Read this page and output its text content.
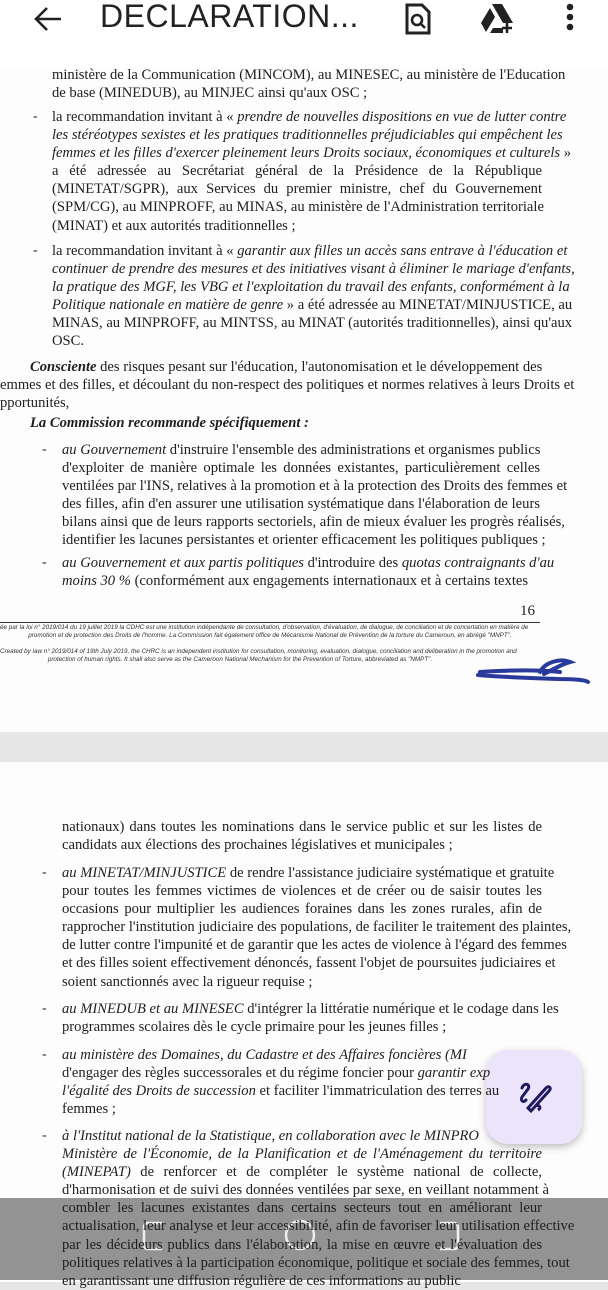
DECLARATION...
ministère de la Communication (MINCOM), au MINESEC, au ministère de l'Education
de base (MINEDUB), au MINJEC ainsi qu'aux OSC ;
- la recommandation invitant à « prendre de nouvelles dispositions en vue de lutter contre
les stéréotypes sexistes et les pratiques traditionnelles préjudiciables qui empêchent les
femmes et les filles d'exercer pleinement leurs Droits sociaux, économiques et culturels »
a été adressée au Secrétariat général de la Présidence de la République
(MINETAT/SGPR), aux Services du premier ministre, chef du Gouvernement
(SPM/CG), au MINPROFF, au MINAS, au ministère de l'Administration territoriale
(MINAT) et aux autorités traditionnelles ;
- la recommandation invitant à « garantir aux filles un accès sans entrave à l'éducation et
continuer de prendre des mesures et des initiatives visant à éliminer le mariage d'enfants,
la pratique des MGF, les VBG et l'exploitation du travail des enfants, conformément à la
Politique nationale en matière de genre » a été adressée au MINETAT/MINJUSTICE, au
MINAS, au MINPROFF, au MINTSS, au MINAT (autorités traditionnelles), ainsi qu'aux
OSC.
Consciente des risques pesant sur l'éducation, l'autonomisation et le développement des
emmes et des filles, et découlant du non-respect des politiques et normes relatives à leurs Droits et
pportunités,
La Commission recommande spécifiquement :
- au Gouvernement d'instruire l'ensemble des administrations et organismes publics
d'exploiter de manière optimale les données existantes, particulièrement celles
ventilées par l'INS, relatives à la promotion et à la protection des Droits des femmes et
des filles, afin d'en assurer une utilisation systématique dans l'élaboration de leurs
bilans ainsi que de leurs rapports sectoriels, afin de mieux évaluer les progrès réalisés,
identifier les lacunes persistantes et orienter efficacement les politiques publiques ;
- au Gouvernement et aux partis politiques d'introduire des quotas contraignants d'au
moins 30 % (conformément aux engagements internationaux et à certains textes
16
ée par la loi n° 2019/014 du 19 juillet 2019 la CDHC est une institution indépendante de consultation, d'observation, d'évaluation, de dialogue, de conciliation et de concertation en matière de
promotion et de protection des Droits de l'homme. La Commission fait également office de Mécanisme National de Prévention de la torture du Cameroun, en abrégé "MNPT".
Created by law n° 2019/014 of 19th July 2019, the CHRC is an independent institution for consultation, monitoring, evaluation, dialogue, conciliation and deliberation in the promotion and
protection of human rights. It shall also serve as the Cameroon National Mechanism for the Prevention of Torture, abbreviated as "NMPT".
nationaux) dans toutes les nominations dans le service public et sur les listes de
candidats aux élections des prochaines législatives et municipales ;
- au MINETAT/MINJUSTICE de rendre l'assistance judiciaire systématique et gratuite
pour toutes les femmes victimes de violences et de créer ou de saisir toutes les
occasions pour multiplier les audiences foraines dans les zones rurales, afin de
rapprocher l'institution judiciaire des populations, de faciliter le traitement des plaintes,
de lutter contre l'impunité et de garantir que les actes de violence à l'égard des femmes
et des filles soient effectivement dénoncés, fassent l'objet de poursuites judiciaires et
soient sanctionnés avec la rigueur requise ;
- au MINEDUB et au MINESEC d'intégrer la littératie numérique et le codage dans les
programmes scolaires dès le cycle primaire pour les jeunes filles ;
- au ministère des Domaines, du Cadastre et des Affaires foncières (MI
d'engager des règles successorales et du régime foncier pour garantir exp
l'égalité des Droits de succession et faciliter l'immatriculation des terres au
femmes ;
- à l'Institut national de la Statistique, en collaboration avec le MINPRO
Ministère de l'Économie, de la Planification et de l'Aménagement du territoire
(MINEPAT) de renforcer et de compléter le système national de collecte,
d'harmonisation et de suivi des données ventilées par sexe, en veillant notamment à
combler les lacunes existantes dans certains secteurs tout en améliorant leur
actualisation, leur analyse et leur accessibilité, afin de favoriser leur utilisation effective
par les décideurs publics dans l'élaboration, la mise en œuvre et l'évaluation des
politiques relatives à la participation économique, politique et sociale des femmes, tout
en garantissant une diffusion régulière de ces informations au public
